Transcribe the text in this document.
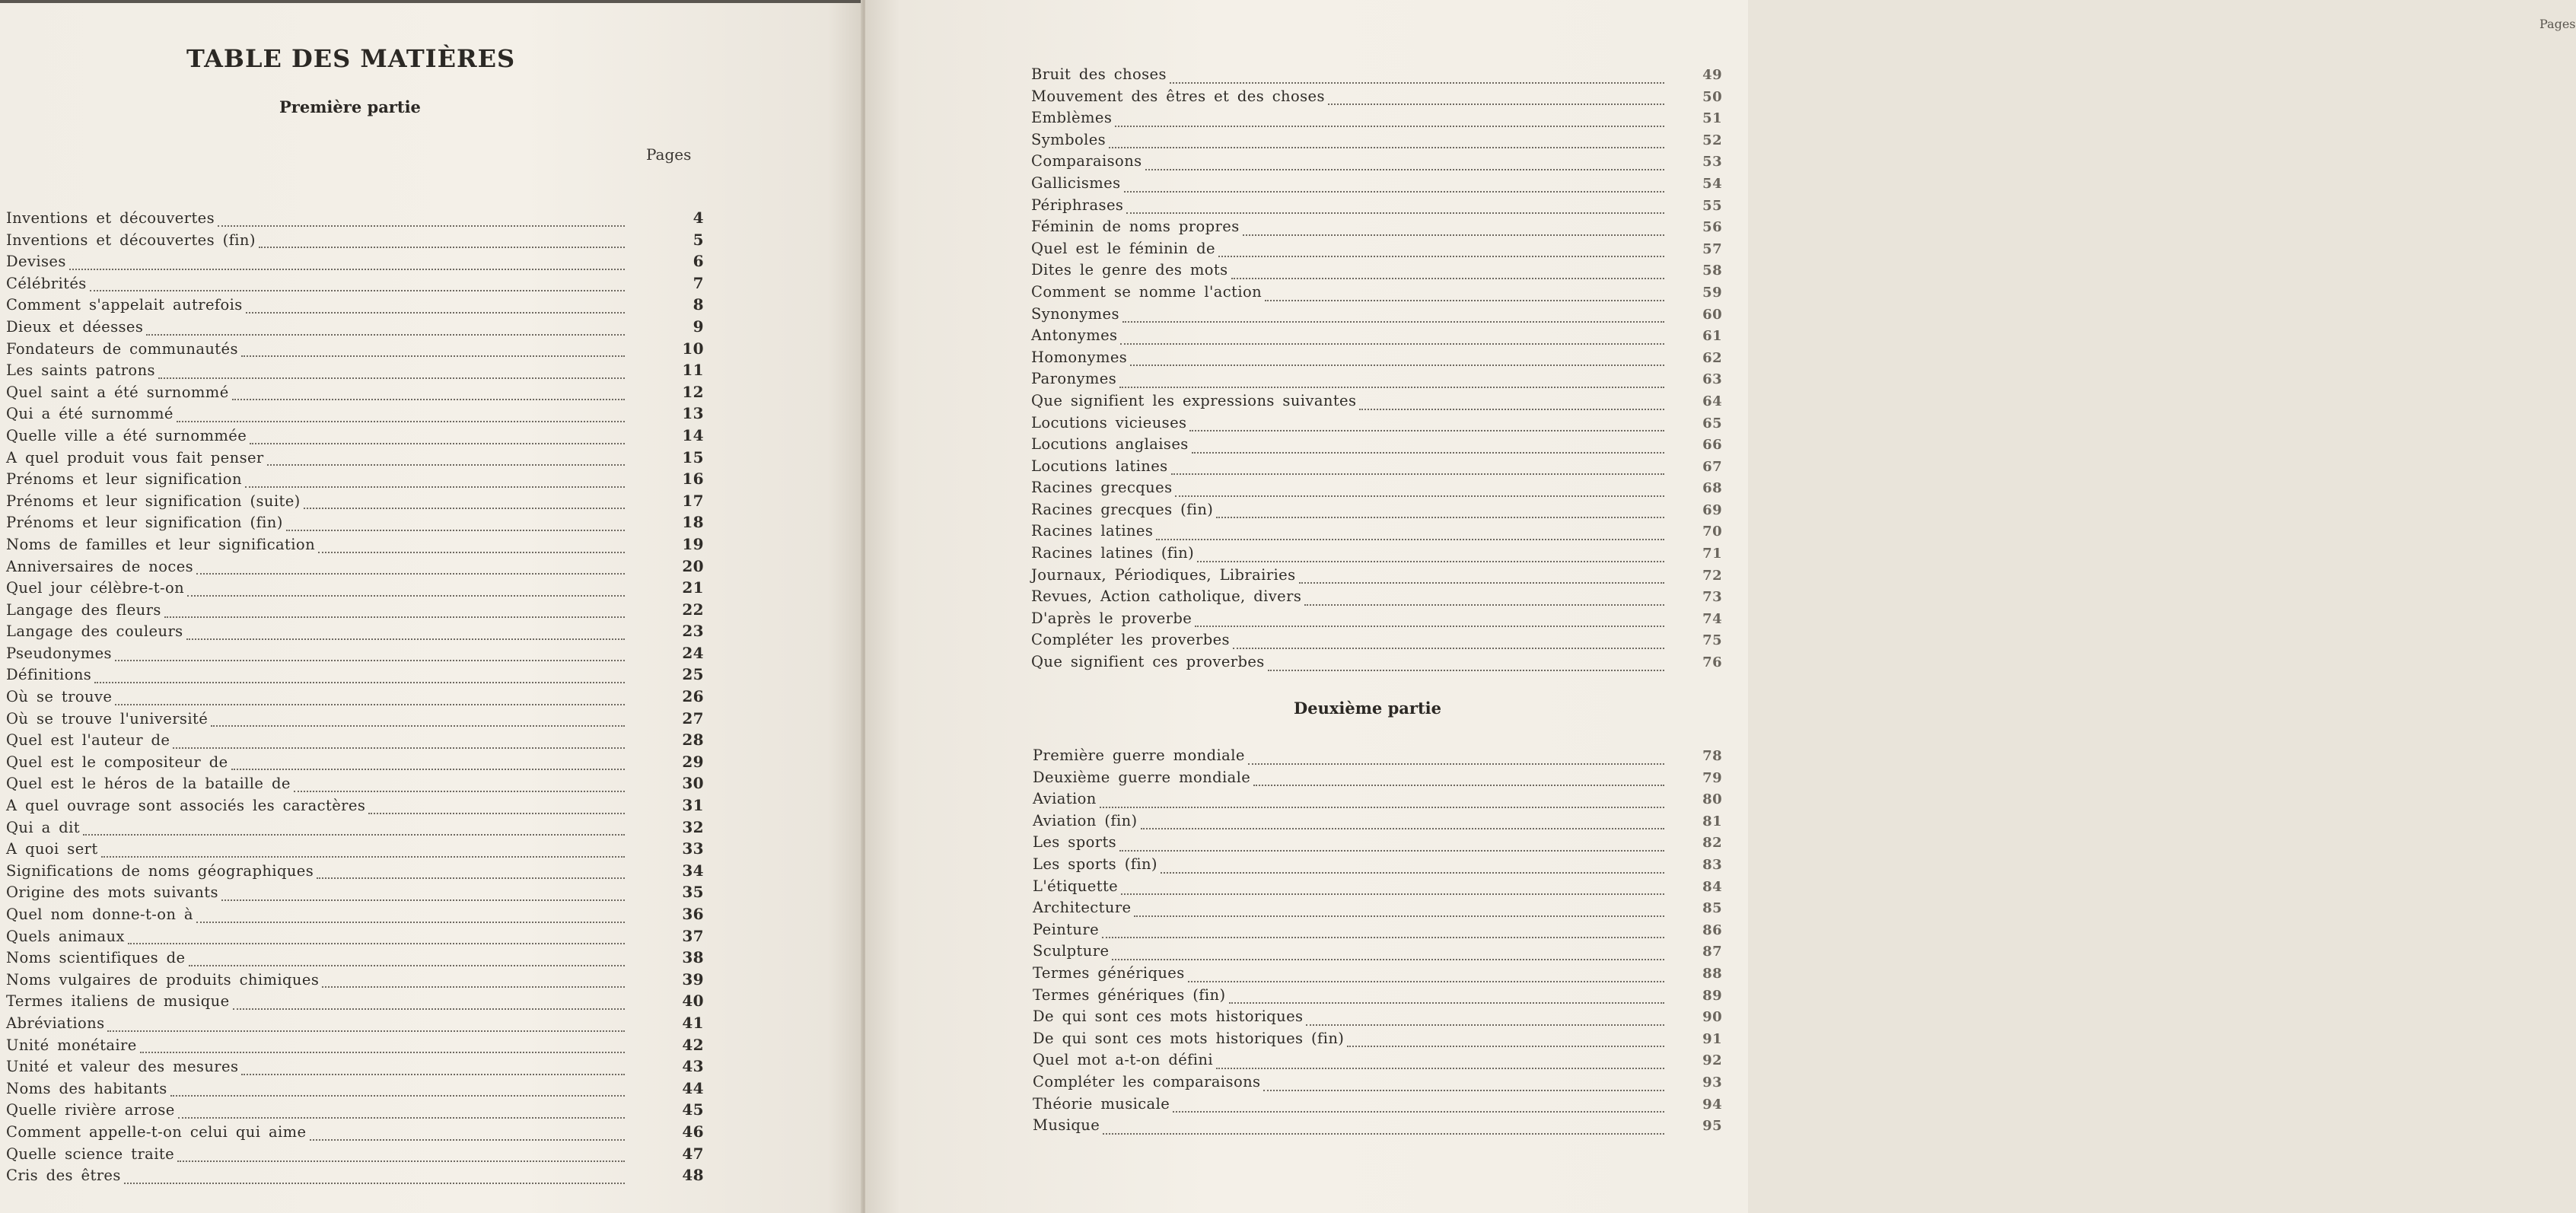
TABLE DES MATIÈRES
Première partie
Pages
Inventions et découvertes	4
Inventions et découvertes (fin)	5
Devises	6
Célébrités	7
Comment s'appelait autrefois	8
Dieux et déesses	9
Fondateurs de communautés	10
Les saints patrons	11
Quel saint a été surnommé	12
Qui a été surnommé	13
Quelle ville a été surnommée	14
A quel produit vous fait penser	15
Prénoms et leur signification	16
Prénoms et leur signification (suite)	17
Prénoms et leur signification (fin)	18
Noms de familles et leur signification	19
Anniversaires de noces	20
Quel jour célèbre-t-on	21
Langage des fleurs	22
Langage des couleurs	23
Pseudonymes	24
Définitions	25
Où se trouve	26
Où se trouve l'université	27
Quel est l'auteur de	28
Quel est le compositeur de	29
Quel est le héros de la bataille de	30
A quel ouvrage sont associés les caractères	31
Qui a dit	32
A quoi sert	33
Significations de noms géographiques	34
Origine des mots suivants	35
Quel nom donne-t-on à	36
Quels animaux	37
Noms scientifiques de	38
Noms vulgaires de produits chimiques	39
Termes italiens de musique	40
Abréviations	41
Unité monétaire	42
Unité et valeur des mesures	43
Noms des habitants	44
Quelle rivière arrose	45
Comment appelle-t-on celui qui aime	46
Quelle science traite	47
Cris des êtres	48
Pages
Bruit des choses	49
Mouvement des êtres et des choses	50
Emblèmes	51
Symboles	52
Comparaisons	53
Gallicismes	54
Périphrases	55
Féminin de noms propres	56
Quel est le féminin de	57
Dites le genre des mots	58
Comment se nomme l'action	59
Synonymes	60
Antonymes	61
Homonymes	62
Paronymes	63
Que signifient les expressions suivantes	64
Locutions vicieuses	65
Locutions anglaises	66
Locutions latines	67
Racines grecques	68
Racines grecques (fin)	69
Racines latines	70
Racines latines (fin)	71
Journaux, Périodiques, Librairies	72
Revues, Action catholique, divers	73
D'après le proverbe	74
Compléter les proverbes	75
Que signifient ces proverbes	76
Deuxième partie
Première guerre mondiale	78
Deuxième guerre mondiale	79
Aviation	80
Aviation (fin)	81
Les sports	82
Les sports (fin)	83
L'étiquette	84
Architecture	85
Peinture	86
Sculpture	87
Termes génériques	88
Termes génériques (fin)	89
De qui sont ces mots historiques	90
De qui sont ces mots historiques (fin)	91
Quel mot a-t-on défini	92
Compléter les comparaisons	93
Théorie musicale	94
Musique	95
